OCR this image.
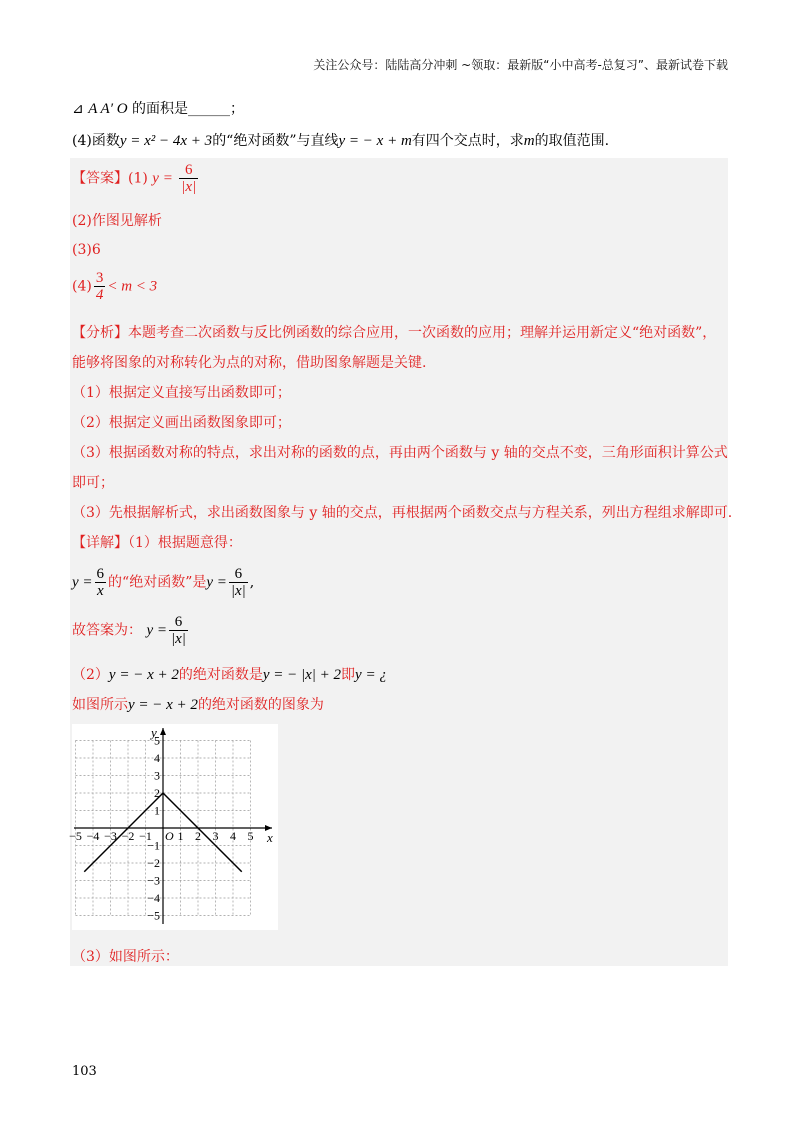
关注公众号：陆陆高分冲刺 ~领取：最新版“小中高考-总复习”、最新试卷下载
⊿ A A′ O 的面积是______；
(4)函数y = x² − 4x + 3的“绝对函数”与直线y = − x + m有四个交点时，求m的取值范围.
【答案】(1) $y = \frac{6}{|x|}$
(2)作图见解析
(3)6
$(4) \frac{3}{4} < m < 3$
【分析】本题考查二次函数与反比例函数的综合应用，一次函数的应用；理解并运用新定义“绝对函数”，
能够将图象的对称转化为点的对称，借助图象解题是关键.
（1）根据定义直接写出函数即可；
（2）根据定义画出函数图象即可；
（3）根据函数对称的特点，求出对称的函数的点，再由两个函数与 y 轴的交点不变，三角形面积计算公式
即可；
（3）先根据解析式，求出函数图象与 y 轴的交点，再根据两个函数交点与方程关系，列出方程组求解即可.
【详解】（1）根据题意得：
$y = \frac{6}{x}$ 的“绝对函数”是$y = \frac{6}{|x|}$ ,
故答案为： $y = \frac{6}{|x|}$
（2）y = − x + 2的绝对函数是y = − |x| + 2即y = ¿
如图所示y = − x + 2的绝对函数的图象为
x
y
−5 −4 −3 −2 −1 1 2 3 4 5
5
4
3
2
1
−1
−2
−3
−4
−5
O
（3）如图所示：
103
